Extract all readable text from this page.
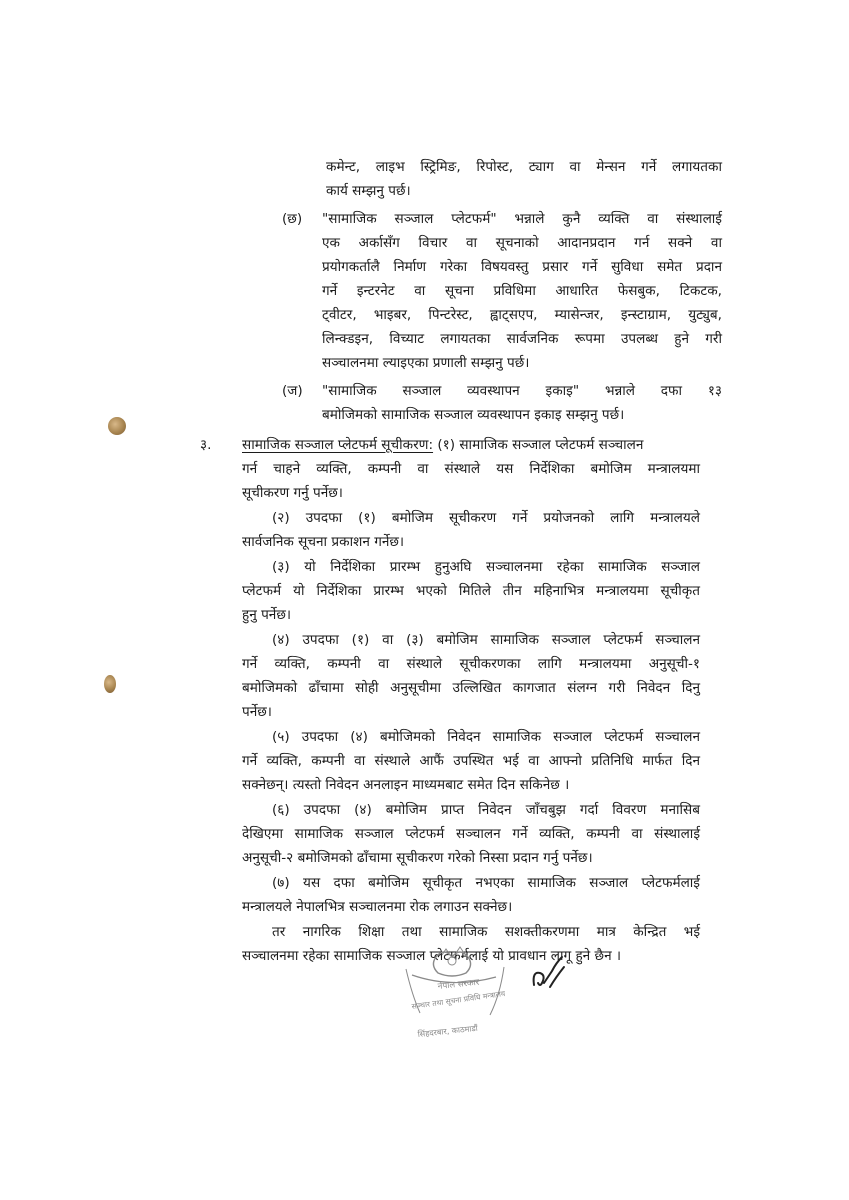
कमेन्ट, लाइभ स्ट्रिमिङ, रिपोस्ट, ट्याग वा मेन्सन गर्ने लगायतका
कार्य सम्झनु पर्छ।
(छ)	"सामाजिक सञ्जाल प्लेटफर्म" भन्नाले कुनै व्यक्ति वा संस्थालाई
एक अर्कासँग विचार वा सूचनाको आदानप्रदान गर्न सक्ने वा
प्रयोगकर्तालै निर्माण गरेका विषयवस्तु प्रसार गर्ने सुविधा समेत प्रदान
गर्ने इन्टरनेट वा सूचना प्रविधिमा आधारित फेसबुक, टिकटक,
ट्वीटर, भाइबर, पिन्टरेस्ट, ह्वाट्सएप, म्यासेन्जर, इन्स्टाग्राम, युट्युब,
लिन्क्डइन, विच्याट लगायतका सार्वजनिक रूपमा उपलब्ध हुने गरी
सञ्चालनमा ल्याइएका प्रणाली सम्झनु पर्छ।
(ज)	"सामाजिक सञ्जाल व्यवस्थापन इकाइ" भन्नाले दफा १३
बमोजिमको सामाजिक सञ्जाल व्यवस्थापन इकाइ सम्झनु पर्छ।
३.	सामाजिक सञ्जाल प्लेटफर्म सूचीकरण: (१) सामाजिक सञ्जाल प्लेटफर्म सञ्चालन
गर्न चाहने व्यक्ति, कम्पनी वा संस्थाले यस निर्देशिका बमोजिम मन्त्रालयमा
सूचीकरण गर्नु पर्नेछ।
(२) उपदफा (१) बमोजिम सूचीकरण गर्ने प्रयोजनको लागि मन्त्रालयले
सार्वजनिक सूचना प्रकाशन गर्नेछ।
(३) यो निर्देशिका प्रारम्भ हुनुअघि सञ्चालनमा रहेका सामाजिक सञ्जाल
प्लेटफर्म यो निर्देशिका प्रारम्भ भएको मितिले तीन महिनाभित्र मन्त्रालयमा सूचीकृत
हुनु पर्नेछ।
(४) उपदफा (१) वा (३) बमोजिम सामाजिक सञ्जाल प्लेटफर्म सञ्चालन
गर्ने व्यक्ति, कम्पनी वा संस्थाले सूचीकरणका लागि मन्त्रालयमा अनुसूची-१
बमोजिमको ढाँचामा सोही अनुसूचीमा उल्लिखित कागजात संलग्न गरी निवेदन दिनु
पर्नेछ।
(५) उपदफा (४) बमोजिमको निवेदन सामाजिक सञ्जाल प्लेटफर्म सञ्चालन
गर्ने व्यक्ति, कम्पनी वा संस्थाले आफैं उपस्थित भई वा आफ्नो प्रतिनिधि मार्फत दिन
सक्नेछन्। त्यस्तो निवेदन अनलाइन माध्यमबाट समेत दिन सकिनेछ ।
(६) उपदफा (४) बमोजिम प्राप्त निवेदन जाँचबुझ गर्दा विवरण मनासिब
देखिएमा सामाजिक सञ्जाल प्लेटफर्म सञ्चालन गर्ने व्यक्ति, कम्पनी वा संस्थालाई
अनुसूची-२ बमोजिमको ढाँचामा सूचीकरण गरेको निस्सा प्रदान गर्नु पर्नेछ।
(७) यस दफा बमोजिम सूचीकृत नभएका सामाजिक सञ्जाल प्लेटफर्मलाई
मन्त्रालयले नेपालभित्र सञ्चालनमा रोक लगाउन सक्नेछ।
तर नागरिक शिक्षा तथा सामाजिक सशक्तीकरणमा मात्र केन्द्रित भई
सञ्चालनमा रहेका सामाजिक सञ्जाल प्लेटफर्मलाई यो प्रावधान लागू हुने छैन ।
नेपाल सरकार
सञ्चार तथा सूचना प्रविधि मन्त्रालय
सिंहदरबार, काठमाडौं
